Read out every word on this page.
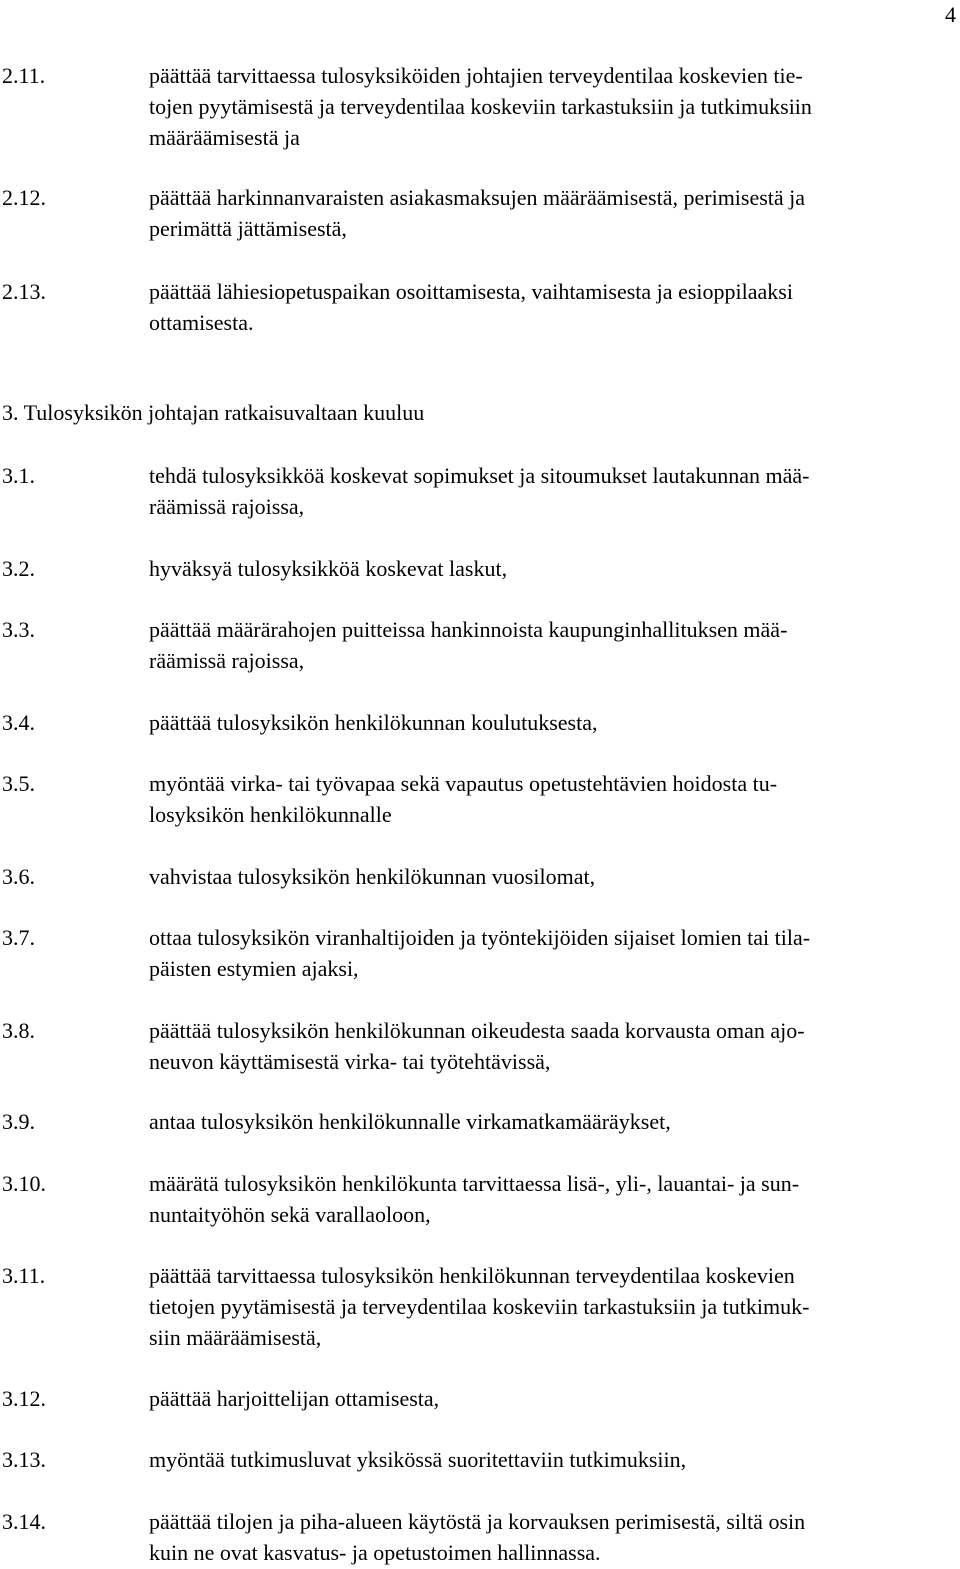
4
2.11.	päättää tarvittaessa tulosyksiköiden johtajien terveydentilaa koskevien tie-
tojen pyytämisestä ja terveydentilaa koskeviin tarkastuksiin ja tutkimuksiin
määräämisestä ja
2.12.	päättää harkinnanvaraisten asiakasmaksujen määräämisestä, perimisestä ja
perimättä jättämisestä,
2.13.	päättää lähiesiopetuspaikan osoittamisesta, vaihtamisesta ja esioppilaaksi
ottamisesta.
3. Tulosyksikön johtajan ratkaisuvaltaan kuuluu
3.1.	tehdä tulosyksikköä koskevat sopimukset ja sitoumukset lautakunnan mää-
räämissä rajoissa,
3.2.	hyväksyä tulosyksikköä koskevat laskut,
3.3.	päättää määrärahojen puitteissa hankinnoista kaupunginhallituksen mää-
räämissä rajoissa,
3.4.	päättää tulosyksikön henkilökunnan koulutuksesta,
3.5.	myöntää virka- tai työvapaa sekä vapautus opetustehtävien hoidosta tu-
losyksikön henkilökunnalle
3.6.	vahvistaa tulosyksikön henkilökunnan vuosilomat,
3.7.	ottaa tulosyksikön viranhaltijoiden ja työntekijöiden sijaiset lomien tai tila-
päisten estymien ajaksi,
3.8.	päättää tulosyksikön henkilökunnan oikeudesta saada korvausta oman ajo-
neuvon käyttämisestä virka- tai työtehtävissä,
3.9.	antaa tulosyksikön henkilökunnalle virkamatkamääräykset,
3.10.	määrätä tulosyksikön henkilökunta tarvittaessa lisä-, yli-, lauantai- ja sun-
nuntaityöhön sekä varallaoloon,
3.11.	päättää tarvittaessa tulosyksikön henkilökunnan terveydentilaa koskevien
tietojen pyytämisestä ja terveydentilaa koskeviin tarkastuksiin ja tutkimuk-
siin määräämisestä,
3.12.	päättää harjoittelijan ottamisesta,
3.13.	myöntää tutkimusluvat yksikössä suoritettaviin tutkimuksiin,
3.14.	päättää tilojen ja piha-alueen käytöstä ja korvauksen perimisestä, siltä osin
kuin ne ovat kasvatus- ja opetustoimen hallinnassa.
